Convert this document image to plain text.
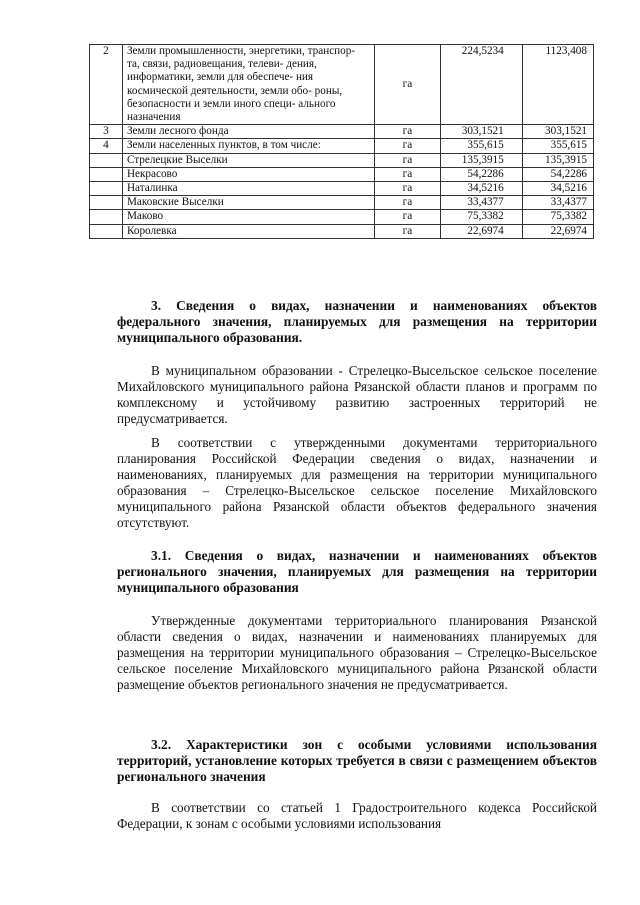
2	Земли промышленности, энергетики, транспор- та, связи, радиовещания, телеви- дения, информатики, земли для обеспече- ния космической деятельности, земли обо- роны, безопасности и земли иного специ- ального назначения	га	224,5234	1123,408
3	Земли лесного фонда	га	303,1521	303,1521
4	Земли населенных пунктов, в том числе:	га	355,615	355,615
	Стрелецкие Выселки	га	135,3915	135,3915
	Некрасово	га	54,2286	54,2286
	Наталинка	га	34,5216	34,5216
	Маковские Выселки	га	33,4377	33,4377
	Маково	га	75,3382	75,3382
	Королевка	га	22,6974	22,6974
3. Сведения о видах, назначении и наименованиях объектов федерального значения, планируемых для размещения на территории муниципального образования.
В муниципальном образовании - Стрелецко-Высельское сельское поселение Михайловского муниципального района Рязанской области планов и программ по комплексному и устойчивому развитию застроенных территорий не предусматривается.
В соответствии с утвержденными документами территориального планирования Российской Федерации сведения о видах, назначении и наименованиях, планируемых для размещения на территории муниципального образования – Стрелецко-Высельское сельское поселение Михайловского муниципального района Рязанской области объектов федерального значения отсутствуют.
3.1. Сведения о видах, назначении и наименованиях объектов регионального значения, планируемых для размещения на территории муниципального образования
Утвержденные документами территориального планирования Рязанской области сведения о видах, назначении и наименованиях планируемых для размещения на территории муниципального образования – Стрелецко-Высельское сельское поселение Михайловского муниципального района Рязанской области размещение объектов регионального значения не предусматривается.
3.2. Характеристики зон с особыми условиями использования территорий, установление которых требуется в связи с размещением объектов регионального значения
В соответствии со статьей 1 Градостроительного кодекса Российской Федерации, к зонам с особыми условиями использования
